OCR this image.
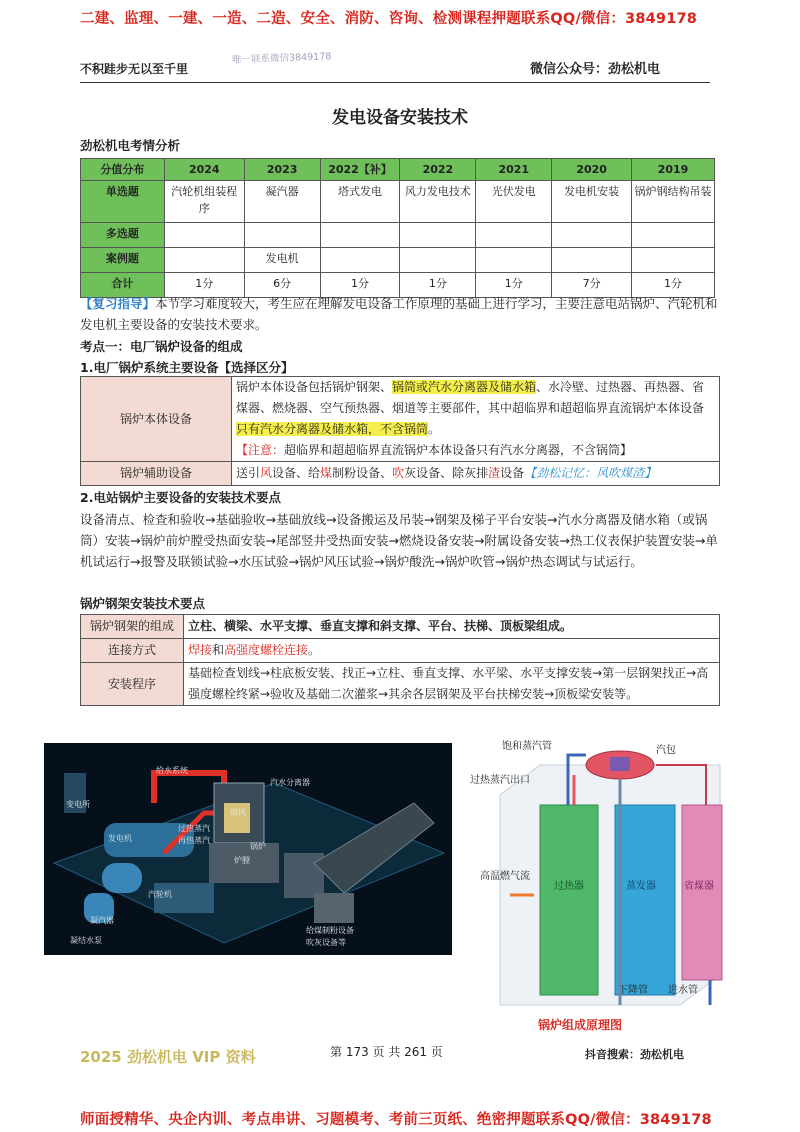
二建、监理、一建、一造、二造、安全、消防、咨询、检测课程押题联系QQ/微信：3849178
不积跬步无以至千里
唯一联系微信3849178
微信公众号：劲松机电
发电设备安装技术
劲松机电考情分析
分值分布	2024	2023	2022【补】	2022	2021	2020	2019
单选题	汽轮机组装程序	凝汽器	塔式发电	风力发电技术	光伏发电	发电机安装	锅炉钢结构吊装
多选题							
案例题		发电机					
合计	1分	6分	1分	1分	1分	7分	1分
【复习指导】本节学习难度较大，考生应在理解发电设备工作原理的基础上进行学习，主要注意电站锅炉、汽轮机和发电机主要设备的安装技术要求。
考点一：电厂锅炉设备的组成
1.电厂锅炉系统主要设备【选择区分】
锅炉本体设备	锅炉本体设备包括锅炉钢架、锅筒或汽水分离器及储水箱、水冷壁、过热器、再热器、省煤器、燃烧器、空气预热器、烟道等主要部件，其中超临界和超超临界直流锅炉本体设备只有汽水分离器及储水箱，不含锅筒。
【注意：超临界和超超临界直流锅炉本体设备只有汽水分离器，不含锅筒】
锅炉辅助设备	送引风设备、给煤制粉设备、吹灰设备、除灰排渣设备【劲松记忆：风吹煤渣】
2.电站锅炉主要设备的安装技术要点
设备清点、检查和验收→基础验收→基础放线→设备搬运及吊装→钢架及梯子平台安装→汽水分离器及储水箱（或锅筒）安装→锅炉前炉膛受热面安装→尾部竖井受热面安装→燃烧设备安装→附属设备安装→热工仪表保护装置安装→单机试运行→报警及联锁试验→水压试验→锅炉风压试验→锅炉酸洗→锅炉吹管→锅炉热态调试与试运行。
锅炉钢架安装技术要点
锅炉钢架的组成	立柱、横梁、水平支撑、垂直支撑和斜支撑、平台、扶梯、顶板梁组成。
连接方式	焊接和高强度螺栓连接。
安装程序	基础检查划线→柱底板安装、找正→立柱、垂直支撑、水平梁、水平支撑安装→第一层钢架找正→高强度螺栓终紧→验收及基础二次灌浆→其余各层钢架及平台扶梯安装→顶板梁安装等。
变电所
给水系统
汽水分离器
发电机
过热蒸汽
再热蒸汽
烟风
锅炉
炉膛
汽轮机
凝汽器
凝结水泵
给煤制粉设备
吹灰设备等
饱和蒸汽管	汽包
过热蒸汽出口
高温燃气流
过热器	蒸发器	省煤器
下降管 进水管
锅炉组成原理图
2025 劲松机电 VIP 资料	第 173 页 共 261 页	抖音搜索：劲松机电
师面授精华、央企内训、考点串讲、习题模考、考前三页纸、绝密押题联系QQ/微信：3849178
